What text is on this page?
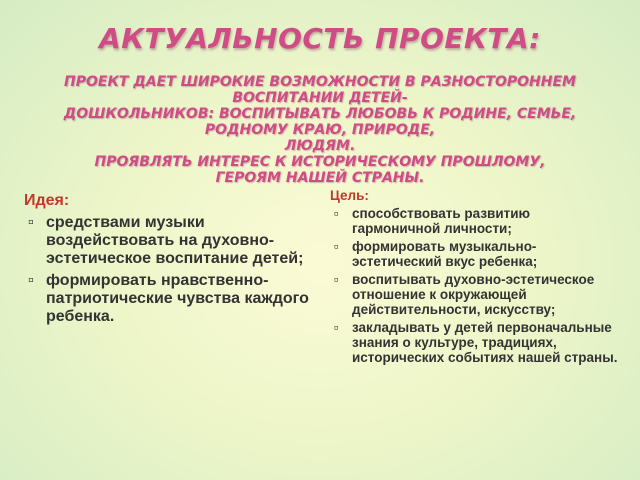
АКТУАЛЬНОСТЬ ПРОЕКТА:

ПРОЕКТ ДАЕТ ШИРОКИЕ ВОЗМОЖНОСТИ В РАЗНОСТОРОННЕМ ВОСПИТАНИИ ДЕТЕЙ-

ДОШКОЛЬНИКОВ: ВОСПИТЫВАТЬ ЛЮБОВЬ К РОДИНЕ, СЕМЬЕ, РОДНОМУ КРАЮ, ПРИРОДЕ,

ЛЮДЯМ.

ПРОЯВЛЯТЬ ИНТЕРЕС К ИСТОРИЧЕСКОМУ ПРОШЛОМУ,

ГЕРОЯМ НАШЕЙ СТРАНЫ.

Идея:
▫ средствами музыки воздействовать на духовно-эстетическое воспитание детей;
▫ формировать нравственно-патриотические чувства каждого ребенка.
Цель:
▫ способствовать развитию гармоничной личности;
▫ формировать музыкально-эстетический вкус ребенка;
▫ воспитывать духовно-эстетическое отношение к окружающей действительности, искусству;
▫ закладывать у детей первоначальные знания о культуре, традициях, исторических событиях нашей страны.
